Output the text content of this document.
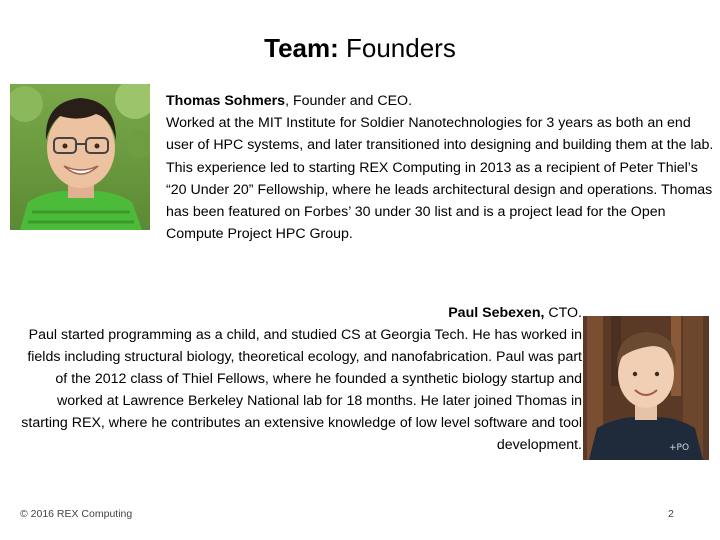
Team: Founders
Thomas Sohmers, Founder and CEO.
Worked at the MIT Institute for Soldier Nanotechnologies for 3 years as both an end user of HPC systems, and later transitioned into designing and building them at the lab. This experience led to starting REX Computing in 2013 as a recipient of Peter Thiel’s “20 Under 20” Fellowship, where he leads architectural design and operations. Thomas has been featured on Forbes’ 30 under 30 list and is a project lead for the Open Compute Project HPC Group.
Paul Sebexen, CTO.
Paul started programming as a child, and studied CS at Georgia Tech. He has worked in fields including structural biology, theoretical ecology, and nanofabrication. Paul was part of the 2012 class of Thiel Fellows, where he founded a synthetic biology startup and worked at Lawrence Berkeley National lab for 18 months. He later joined Thomas in starting REX, where he contributes an extensive knowledge of low level software and tool development.	+PO
© 2016 REX Computing	2
